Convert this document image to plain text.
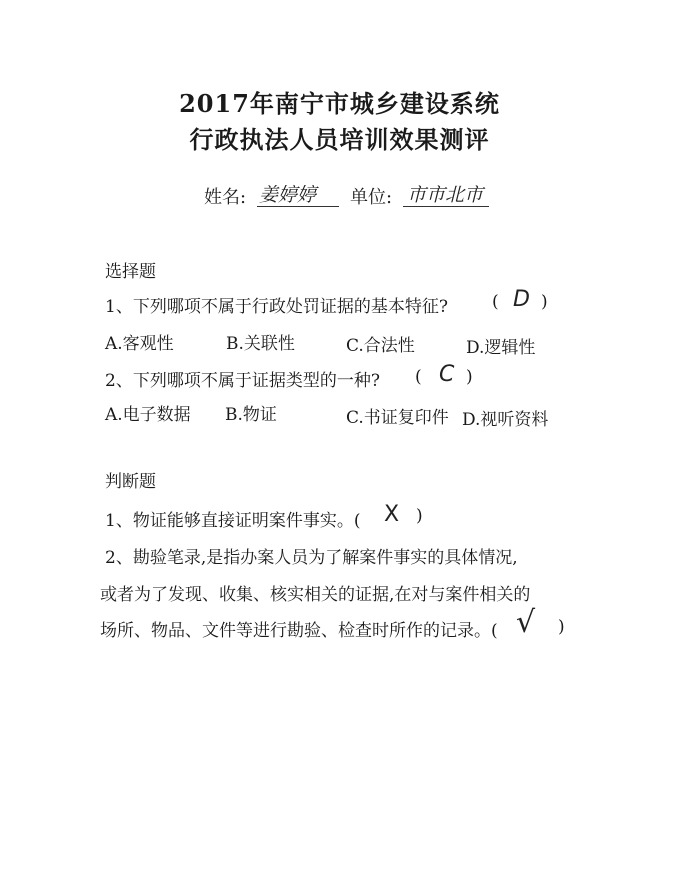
2017年南宁市城乡建设系统
行政执法人员培训效果测评
姓名: 姜婷婷 单位: 市市北市
选择题
1、下列哪项不属于行政处罚证据的基本特征?	( D )
A.客观性	B.关联性	C.合法性	D.逻辑性
2、下列哪项不属于证据类型的一种? ( C )
A.电子数据 B.物证	C.书证复印件 D.视听资料
判断题
1、物证能够直接证明案件事实。( X )
2、勘验笔录,是指办案人员为了解案件事实的具体情况,
或者为了发现、收集、核实相关的证据,在对与案件相关的
场所、物品、文件等进行勘验、检查时所作的记录。( √ )
